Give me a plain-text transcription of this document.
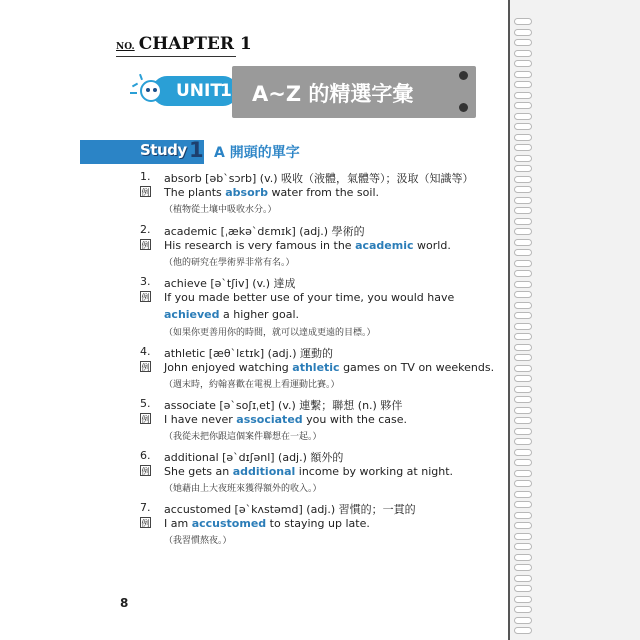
NO. CHAPTER 1
UNIT
1 A~Z 的精選字彙
Study 1 A 開頭的單字
1. absorb [əb`sɔrb] (v.) 吸收（液體，氣體等）；汲取（知識等）
例 The plants absorb water from the soil.
（植物從土壤中吸收水分。）
2. academic [ˌækəˋdɛmɪk] (adj.) 學術的
例 His research is very famous in the academic world.
（他的研究在學術界非常有名。）
3. achieve [əˋtʃiv] (v.) 達成
例 If you made better use of your time, you would have achieved a higher goal.
（如果你更善用你的時間，就可以達成更遠的目標。）
4. athletic [æθˋlɛtɪk] (adj.) 運動的
例 John enjoyed watching athletic games on TV on weekends.
（週末時，約翰喜歡在電視上看運動比賽。）
5. associate [əˋsoʃɪˌet] (v.) 連繫；聯想 (n.) 夥伴
例 I have never associated you with the case.
（我從未把你跟這個案件聯想在一起。）
6. additional [əˋdɪʃənl] (adj.) 額外的
例 She gets an additional income by working at night.
（她藉由上大夜班來獲得額外的收入。）
7. accustomed [əˋkʌstəmd] (adj.) 習慣的；一貫的
例 I am accustomed to staying up late.
（我習慣熬夜。）
8
